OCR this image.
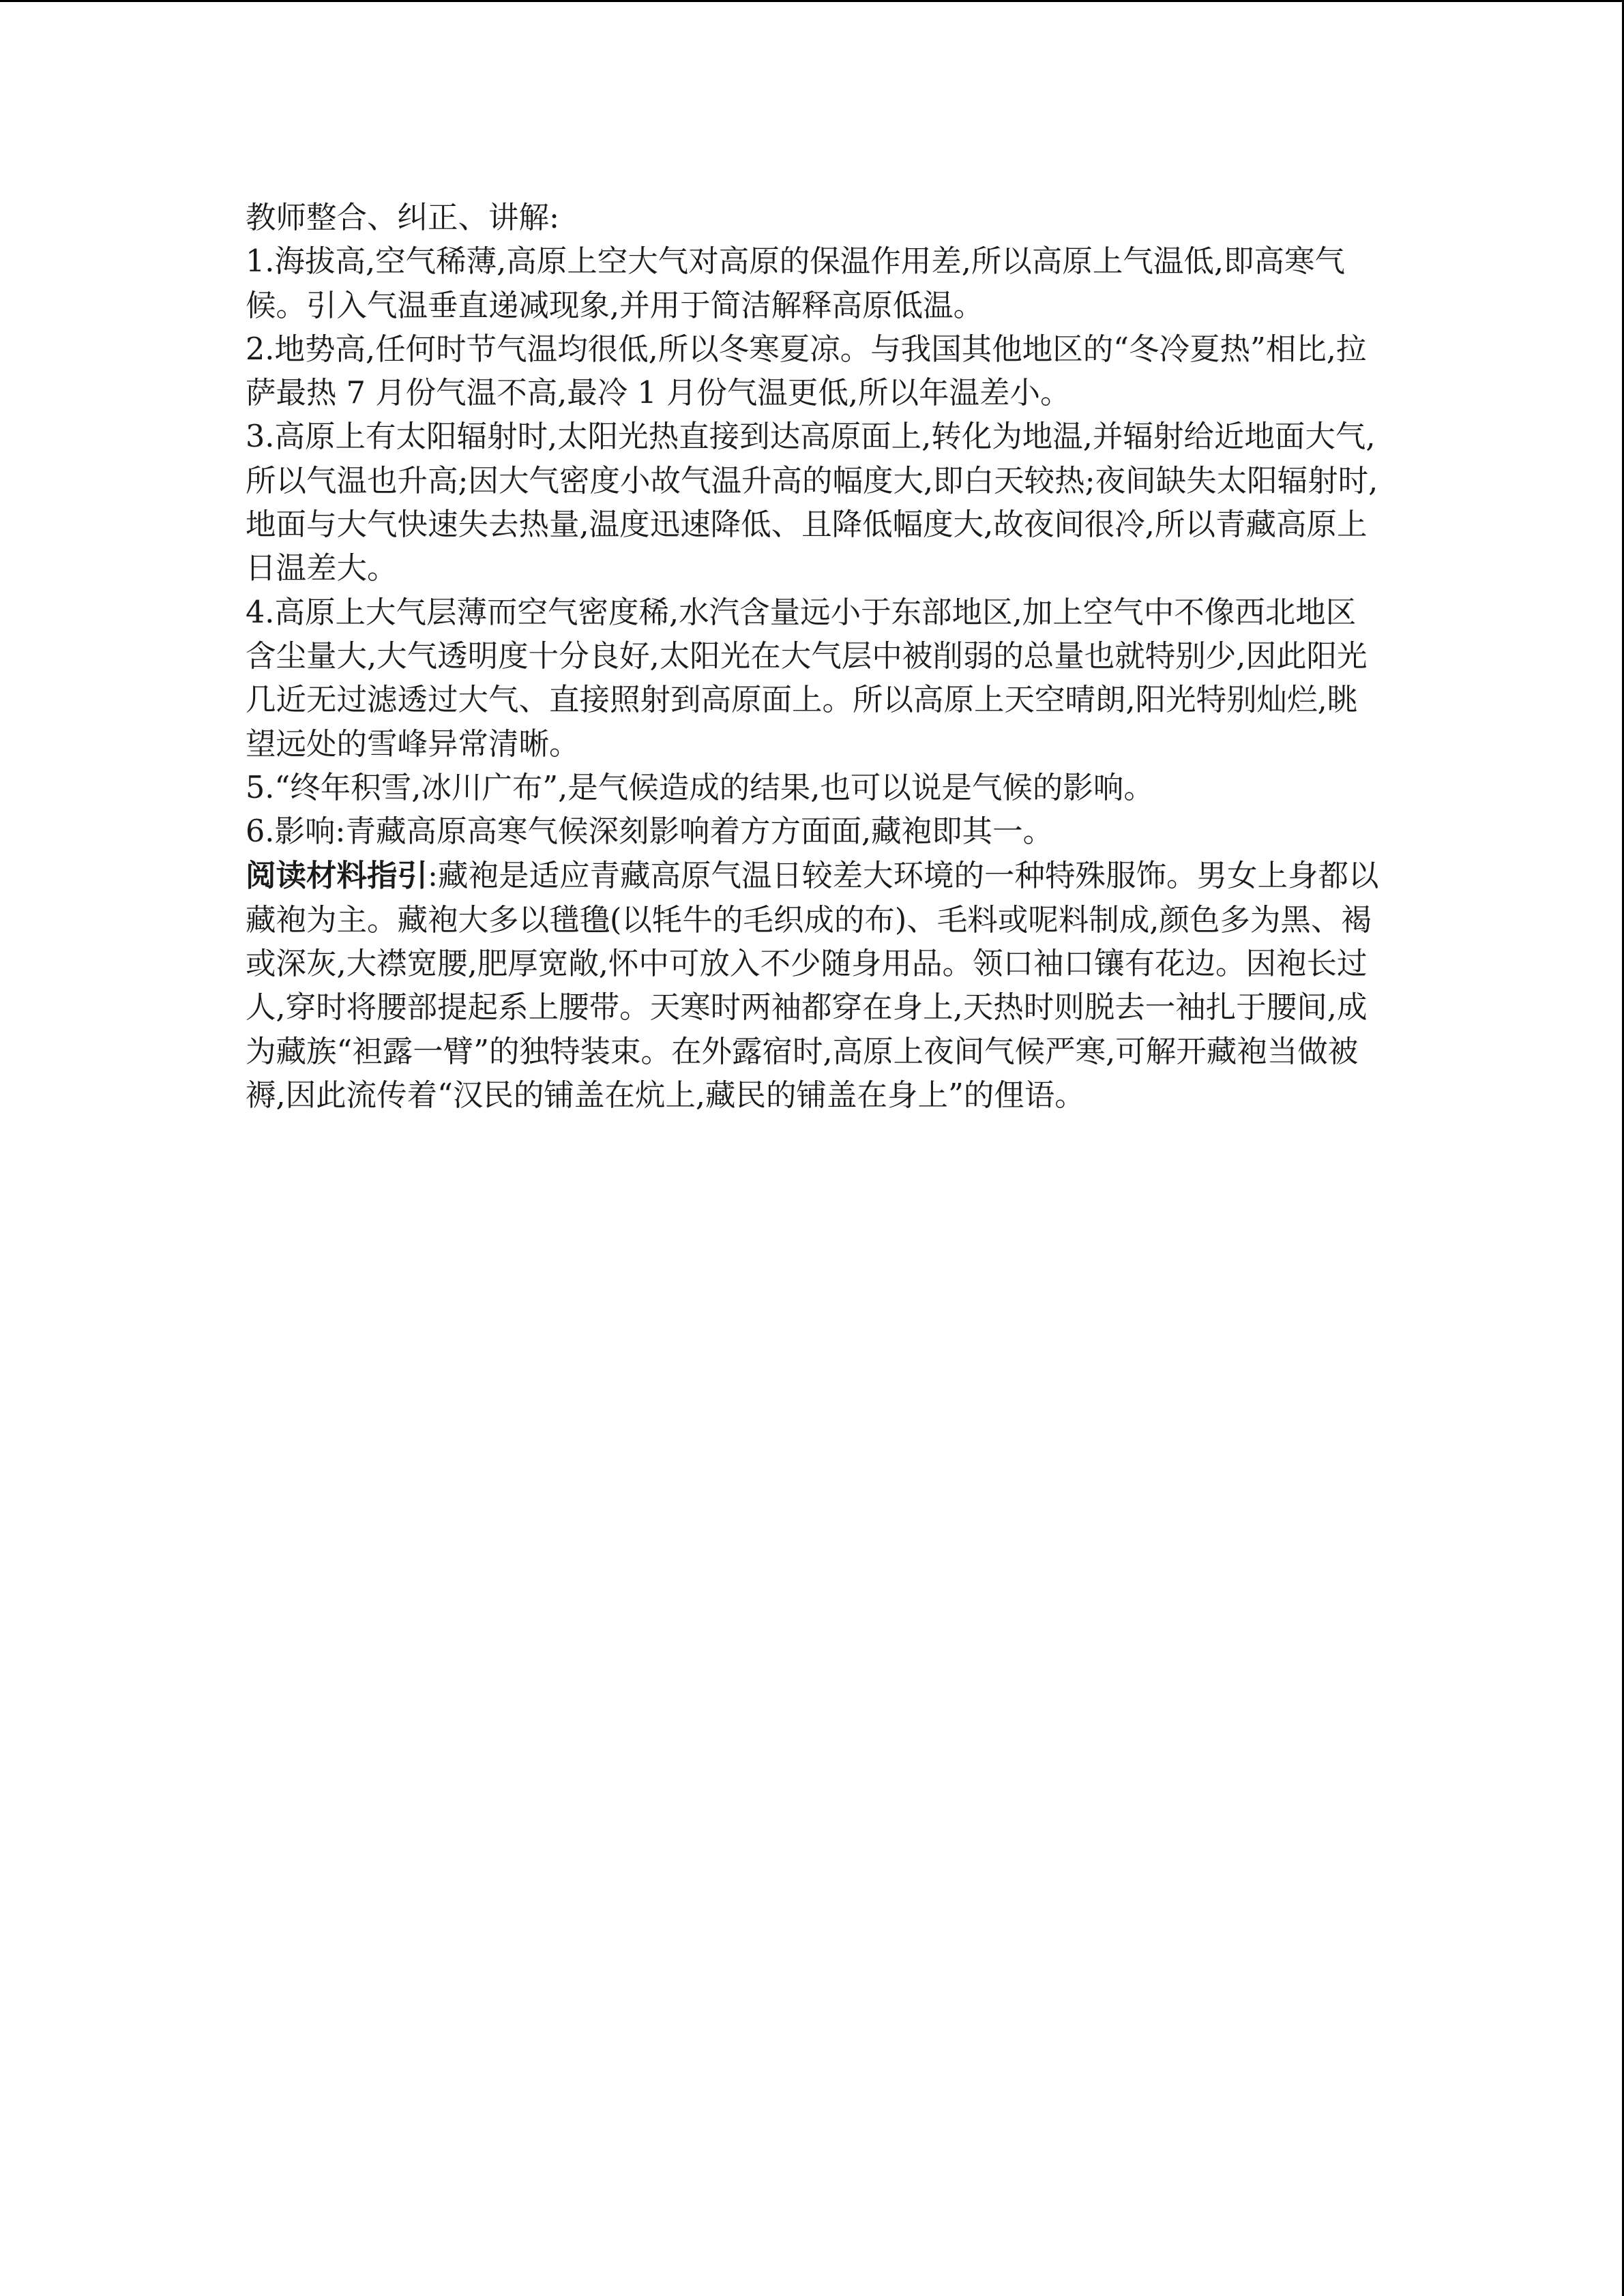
教师整合、纠正、讲解:

1.海拔高,空气稀薄,高原上空大气对高原的保温作用差,所以高原上气温低,即高寒气候。引入气温垂直递减现象,并用于简洁解释高原低温。

2.地势高,任何时节气温均很低,所以冬寒夏凉。与我国其他地区的“冬冷夏热”相比,拉萨最热 7 月份气温不高,最冷 1 月份气温更低,所以年温差小。

3.高原上有太阳辐射时,太阳光热直接到达高原面上,转化为地温,并辐射给近地面大气,所以气温也升高;因大气密度小故气温升高的幅度大,即白天较热;夜间缺失太阳辐射时,地面与大气快速失去热量,温度迅速降低、且降低幅度大,故夜间很冷,所以青藏高原上日温差大。

4.高原上大气层薄而空气密度稀,水汽含量远小于东部地区,加上空气中不像西北地区含尘量大,大气透明度十分良好,太阳光在大气层中被削弱的总量也就特别少,因此阳光几近无过滤透过大气、直接照射到高原面上。所以高原上天空晴朗,阳光特别灿烂,眺望远处的雪峰异常清晰。

5.“终年积雪,冰川广布”,是气候造成的结果,也可以说是气候的影响。

6.影响:青藏高原高寒气候深刻影响着方方面面,藏袍即其一。

阅读材料指引:藏袍是适应青藏高原气温日较差大环境的一种特殊服饰。男女上身都以藏袍为主。藏袍大多以氆氇(以牦牛的毛织成的布)、毛料或呢料制成,颜色多为黑、褐或深灰,大襟宽腰,肥厚宽敞,怀中可放入不少随身用品。领口袖口镶有花边。因袍长过人,穿时将腰部提起系上腰带。天寒时两袖都穿在身上,天热时则脱去一袖扎于腰间,成为藏族“袒露一臂”的独特装束。在外露宿时,高原上夜间气候严寒,可解开藏袍当做被褥,因此流传着“汉民的铺盖在炕上,藏民的铺盖在身上”的俚语。
